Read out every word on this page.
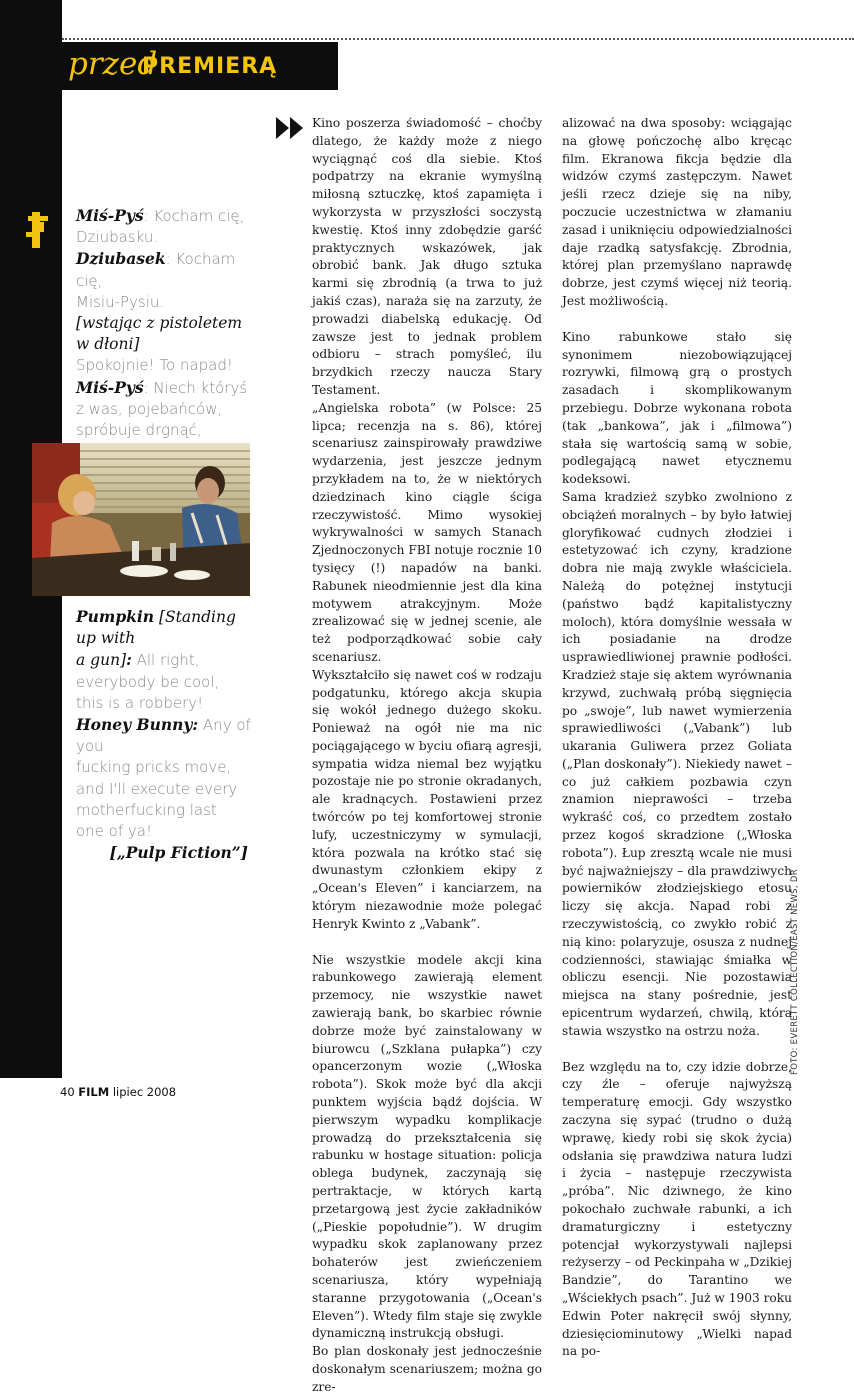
przed
PREMIERĄ
Miś-Pyś: Kocham cię,
Dziubasku.
Dziubasek: Kocham cię,
Misiu-Pysiu.
[wstając z pistoletem w dłoni]
Spokojnie! To napad!
Miś-Pyś: Niech któryś
z was, pojebańców,
spróbuje drgnąć,

Pumpkin [Standing up with
a gun]: All right,
everybody be cool,
this is a robbery!
Honey Bunny: Any of you
fucking pricks move,
and I'll execute every
motherfucking last
one of ya!
[„Pulp Fiction”]

Kino poszerza świadomość – choćby dlatego, że każdy może z niego wyciągnąć coś dla siebie. Ktoś podpatrzy na ekranie wymyślną miłosną sztuczkę, ktoś zapamięta i wykorzysta w przyszłości soczystą kwestię. Ktoś inny zdobędzie garść praktycznych wskazówek, jak obrobić bank. Jak długo sztuka karmi się zbrodnią (a trwa to już jakiś czas), naraża się na zarzuty, że prowadzi diabelską edukację. Od zawsze jest to jednak problem odbioru – strach pomyśleć, ilu brzydkich rzeczy naucza Stary Testament.

„Angielska robota” (w Polsce: 25 lipca; recenzja na s. 86), której scenariusz zainspirowały prawdziwe wydarzenia, jest jeszcze jednym przykładem na to, że w niektórych dziedzinach kino ciągle ściga rzeczywistość. Mimo wysokiej wykrywalności w samych Stanach Zjednoczonych FBI notuje rocznie 10 tysięcy (!) napadów na banki. Rabunek nieodmiennie jest dla kina motywem atrakcyjnym. Może zrealizować się w jednej scenie, ale też podporządkować sobie cały scenariusz.

Wykształciło się nawet coś w rodzaju podgatunku, którego akcja skupia się wokół jednego dużego skoku. Ponieważ na ogół nie ma nic pociągającego w byciu ofiarą agresji, sympatia widza niemal bez wyjątku pozostaje nie po stronie okradanych, ale kradnących. Postawieni przez twórców po tej komfortowej stronie lufy, uczestniczymy w symulacji, która pozwala na krótko stać się dwunastym członkiem ekipy z „Ocean's Eleven” i kanciarzem, na którym niezawodnie może polegać Henryk Kwinto z „Vabank”.

Nie wszystkie modele akcji kina rabunkowego zawierają element przemocy, nie wszystkie nawet zawierają bank, bo skarbiec równie dobrze może być zainstalowany w biurowcu („Szklana pułapka”) czy opancerzonym wozie („Włoska robota”). Skok może być dla akcji punktem wyjścia bądź dojścia. W pierwszym wypadku komplikacje prowadzą do przekształcenia się rabunku w hostage situation: policja oblega budynek, zaczynają się pertraktacje, w których kartą przetargową jest życie zakładników („Pieskie popołudnie”). W drugim wypadku skok zaplanowany przez bohaterów jest zwieńczeniem scenariusza, który wypełniają staranne przygotowania („Ocean's Eleven”). Wtedy film staje się zwykle dynamiczną instrukcją obsługi.

Bo plan doskonały jest jednocześnie doskonałym scenariuszem; można go zre-

alizować na dwa sposoby: wciągając na głowę pończochę albo kręcąc film. Ekranowa fikcja będzie dla widzów czymś zastępczym. Nawet jeśli rzecz dzieje się na niby, poczucie uczestnictwa w złamaniu zasad i uniknięciu odpowiedzialności daje rzadką satysfakcję. Zbrodnia, której plan przemyślano naprawdę dobrze, jest czymś więcej niż teorią. Jest możliwością.

Kino rabunkowe stało się synonimem niezobowiązującej rozrywki, filmową grą o prostych zasadach i skomplikowanym przebiegu. Dobrze wykonana robota (tak „bankowa”, jak i „filmowa”) stała się wartością samą w sobie, podlegającą nawet etycznemu kodeksowi.

Sama kradzież szybko zwolniono z obciążeń moralnych – by było łatwiej gloryfikować cudnych złodziei i estetyzować ich czyny, kradzione dobra nie mają zwykle właściciela. Należą do potężnej instytucji (państwo bądź kapitalistyczny moloch), która domyślnie wessała w ich posiadanie na drodze usprawiedliwionej prawnie podłości. Kradzież staje się aktem wyrównania krzywd, zuchwałą próbą sięgnięcia po „swoje”, lub nawet wymierzenia sprawiedliwości („Vabank”) lub ukarania Guliwera przez Goliata („Plan doskonały”). Niekiedy nawet – co już całkiem pozbawia czyn znamion nieprawości – trzeba wykraść coś, co przedtem zostało przez kogoś skradzione („Włoska robota”). Łup zresztą wcale nie musi być najważniejszy – dla prawdziwych powierników złodziejskiego etosu liczy się akcja. Napad robi z rzeczywistością, co zwykło robić z nią kino: polaryzuje, osusza z nudnej codzienności, stawiając śmiałka w obliczu esencji. Nie pozostawia miejsca na stany pośrednie, jest epicentrum wydarzeń, chwilą, która stawia wszystko na ostrzu noża.

Bez względu na to, czy idzie dobrze, czy źle – oferuje najwyższą temperaturę emocji. Gdy wszystko zaczyna się sypać (trudno o dużą wprawę, kiedy robi się skok życia) odsłania się prawdziwa natura ludzi i życia – następuje rzeczywista „próba”. Nic dziwnego, że kino pokochało zuchwałe rabunki, a ich dramaturgiczny i estetyczny potencjał wykorzystywali najlepsi reżyserzy – od Peckinpaha w „Dzikiej Bandzie”, do Tarantino we „Wściekłych psach”. Już w 1903 roku Edwin Poter nakręcił swój słynny, dziesięciominutowy „Wielki napad na po-

FOTO: EVERETT COLLECTION/EAST NEWS, DR
40 FILM lipiec 2008
